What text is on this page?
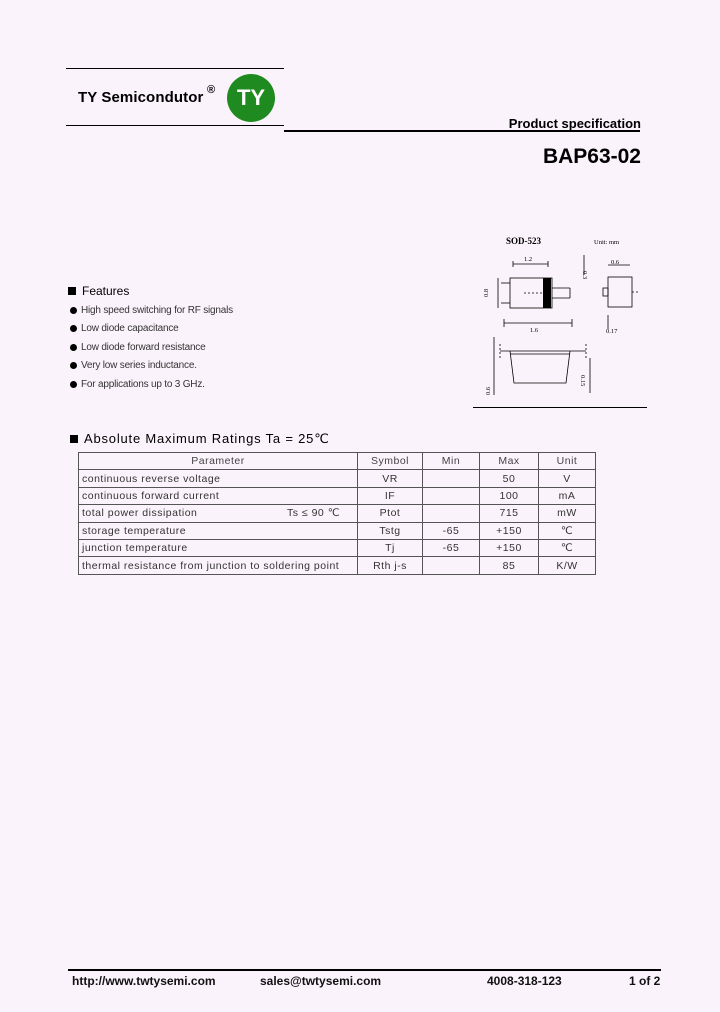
TY Semicondutor ® TY
Product specification
BAP63-02
SOD-523	Unit: mm
1.2
0.8
0.3
1.6
0.6
0.17
0.6
0.15
Features
High speed switching for RF signals
Low diode capacitance
Low diode forward resistance
Very low series inductance.
For applications up to 3 GHz.
Absolute Maximum Ratings Ta = 25℃
Parameter	Symbol	Min	Max	Unit
continuous reverse voltage	VR		50	V
continuous forward current	IF		100	mA
total power dissipation Ts ≤ 90 ℃	Ptot		715	mW
storage temperature	Tstg	-65	+150	℃
junction temperature	Tj	-65	+150	℃
thermal resistance from junction to soldering point	Rth j-s		85	K/W
http://www.twtysemi.com	sales@twtysemi.com	4008-318-123	1 of 2
